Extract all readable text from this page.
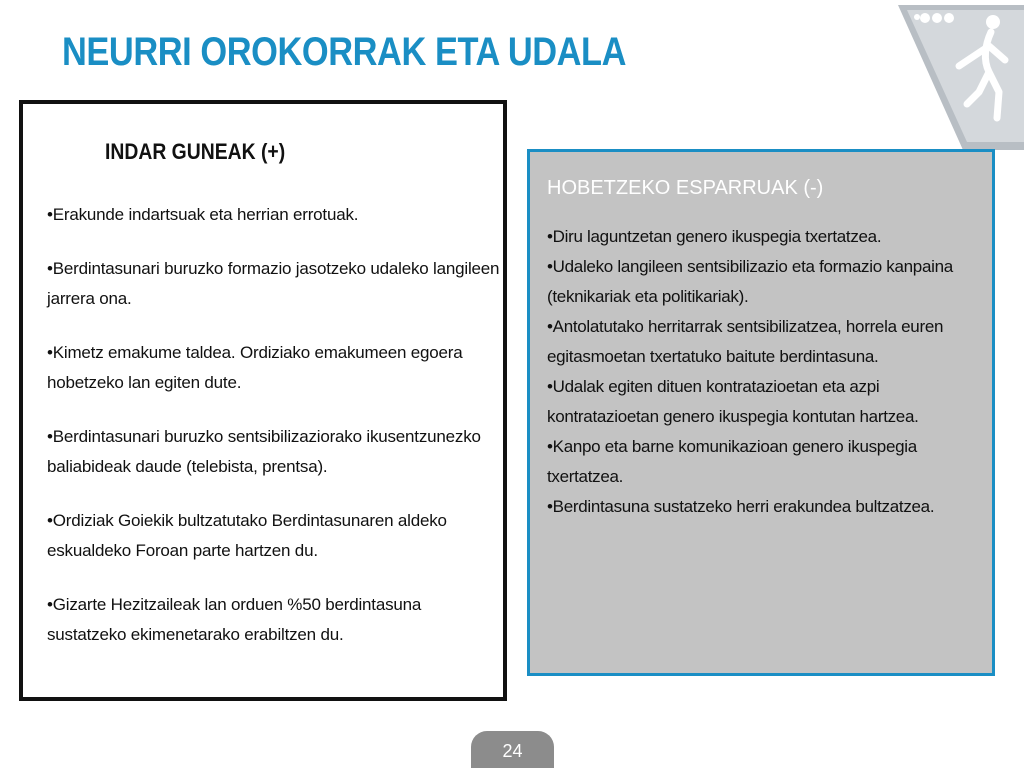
NEURRI OROKORRAK ETA UDALA
INDAR GUNEAK (+)
•Erakunde indartsuak eta herrian errotuak.
•Berdintasunari buruzko formazio jasotzeko udaleko langileen jarrera ona.
•Kimetz emakume taldea. Ordiziako emakumeen egoera hobetzeko lan egiten dute.
•Berdintasunari buruzko sentsibilizaziorako ikusentzunezko baliabideak daude (telebista, prentsa).
•Ordiziak Goiekik bultzatutako Berdintasunaren aldeko eskualdeko Foroan parte hartzen du.
•Gizarte Hezitzaileak lan orduen %50 berdintasuna sustatzeko ekimenetarako erabiltzen du.
HOBETZEKO ESPARRUAK (-)
•Diru laguntzetan genero ikuspegia txertatzea.
•Udaleko langileen sentsibilizazio eta formazio kanpaina (teknikariak eta politikariak).
•Antolatutako herritarrak sentsibilizatzea, horrela euren egitasmoetan txertatuko baitute berdintasuna.
•Udalak egiten dituen kontratazioetan eta azpi kontratazioetan genero ikuspegia kontutan hartzea.
•Kanpo eta barne komunikazioan genero ikuspegia txertatzea.
•Berdintasuna sustatzeko herri erakundea bultzatzea.
24
